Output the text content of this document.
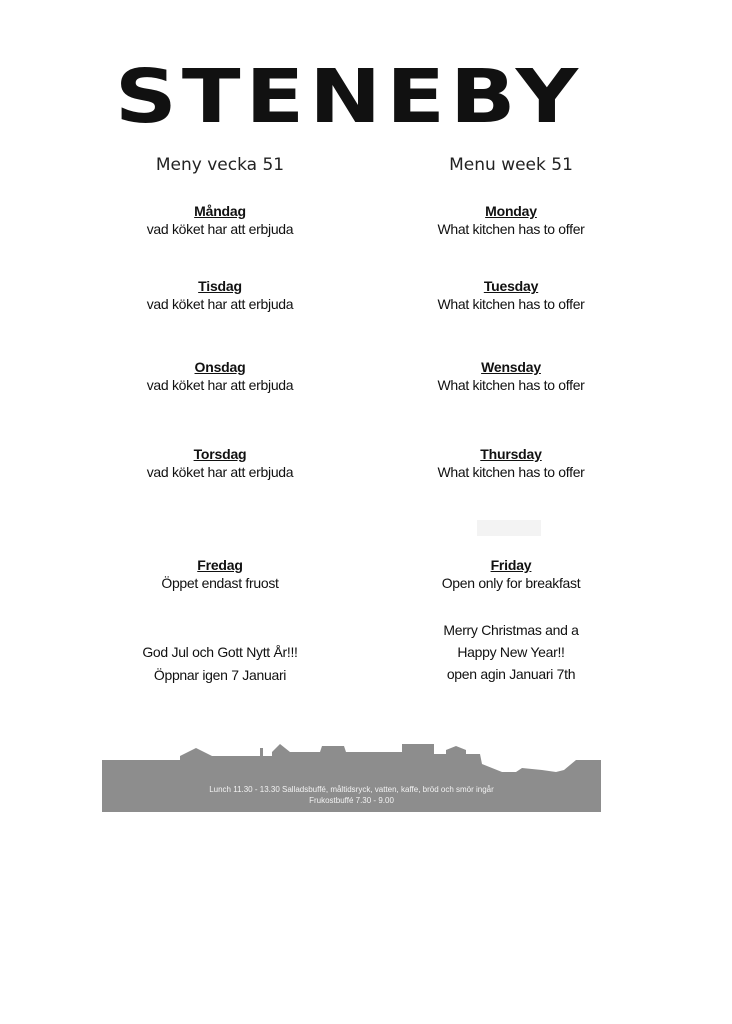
STENEBY
Meny vecka 51	Menu week 51
Måndag
vad köket har att erbjuda
Tisdag
vad köket har att erbjuda
Onsdag
vad köket har att erbjuda
Torsdag
vad köket har att erbjuda
Fredag
Öppet endast fruost
God Jul och Gott Nytt År!!!
Öppnar igen 7 Januari
Monday
What kitchen has to offer
Tuesday
What kitchen has to offer
Wensday
What kitchen has to offer
Thursday
What kitchen has to offer
Friday
Open only for breakfast
Merry Christmas and a
Happy New Year!!
open agin Januari 7th
Lunch 11.30 - 13.30 Salladsbuffé, måltidsryck, vatten, kaffe, bröd och smör ingår
Frukostbuffé 7.30 - 9.00
